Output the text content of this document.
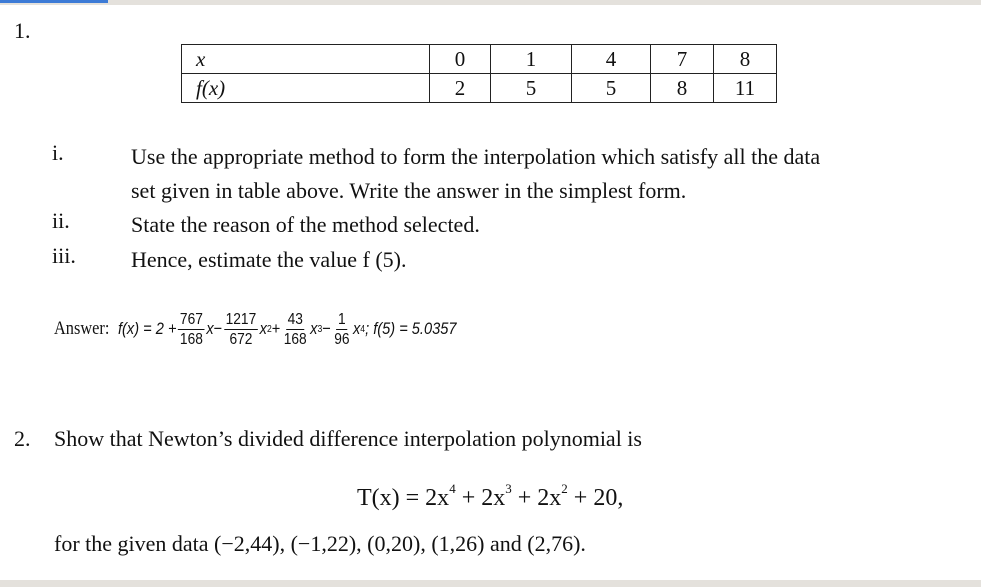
1.
x	0	1	4	7	8
f(x)	2	5	5	8	11
i.	Use the appropriate method to form the interpolation which satisfy all the data
set given in table above. Write the answer in the simplest form.
ii.	State the reason of the method selected.
iii.	Hence, estimate the value f (5).
Answer: $f(x) = 2 + \frac{767}{168}$ $x - \frac{1217}{672}$ x $2 + \frac{43}{168}$ x $3 - \frac{1}{96}$ x 4 ; f(5) = 5.0357
2. Show that Newton’s divided difference interpolation polynomial is
$T(x) = 2x^4 + 2x^3 + 2x^2 + 20$,
for the given data (−2,44), (−1,22), (0,20), (1,26) and (2,76).
